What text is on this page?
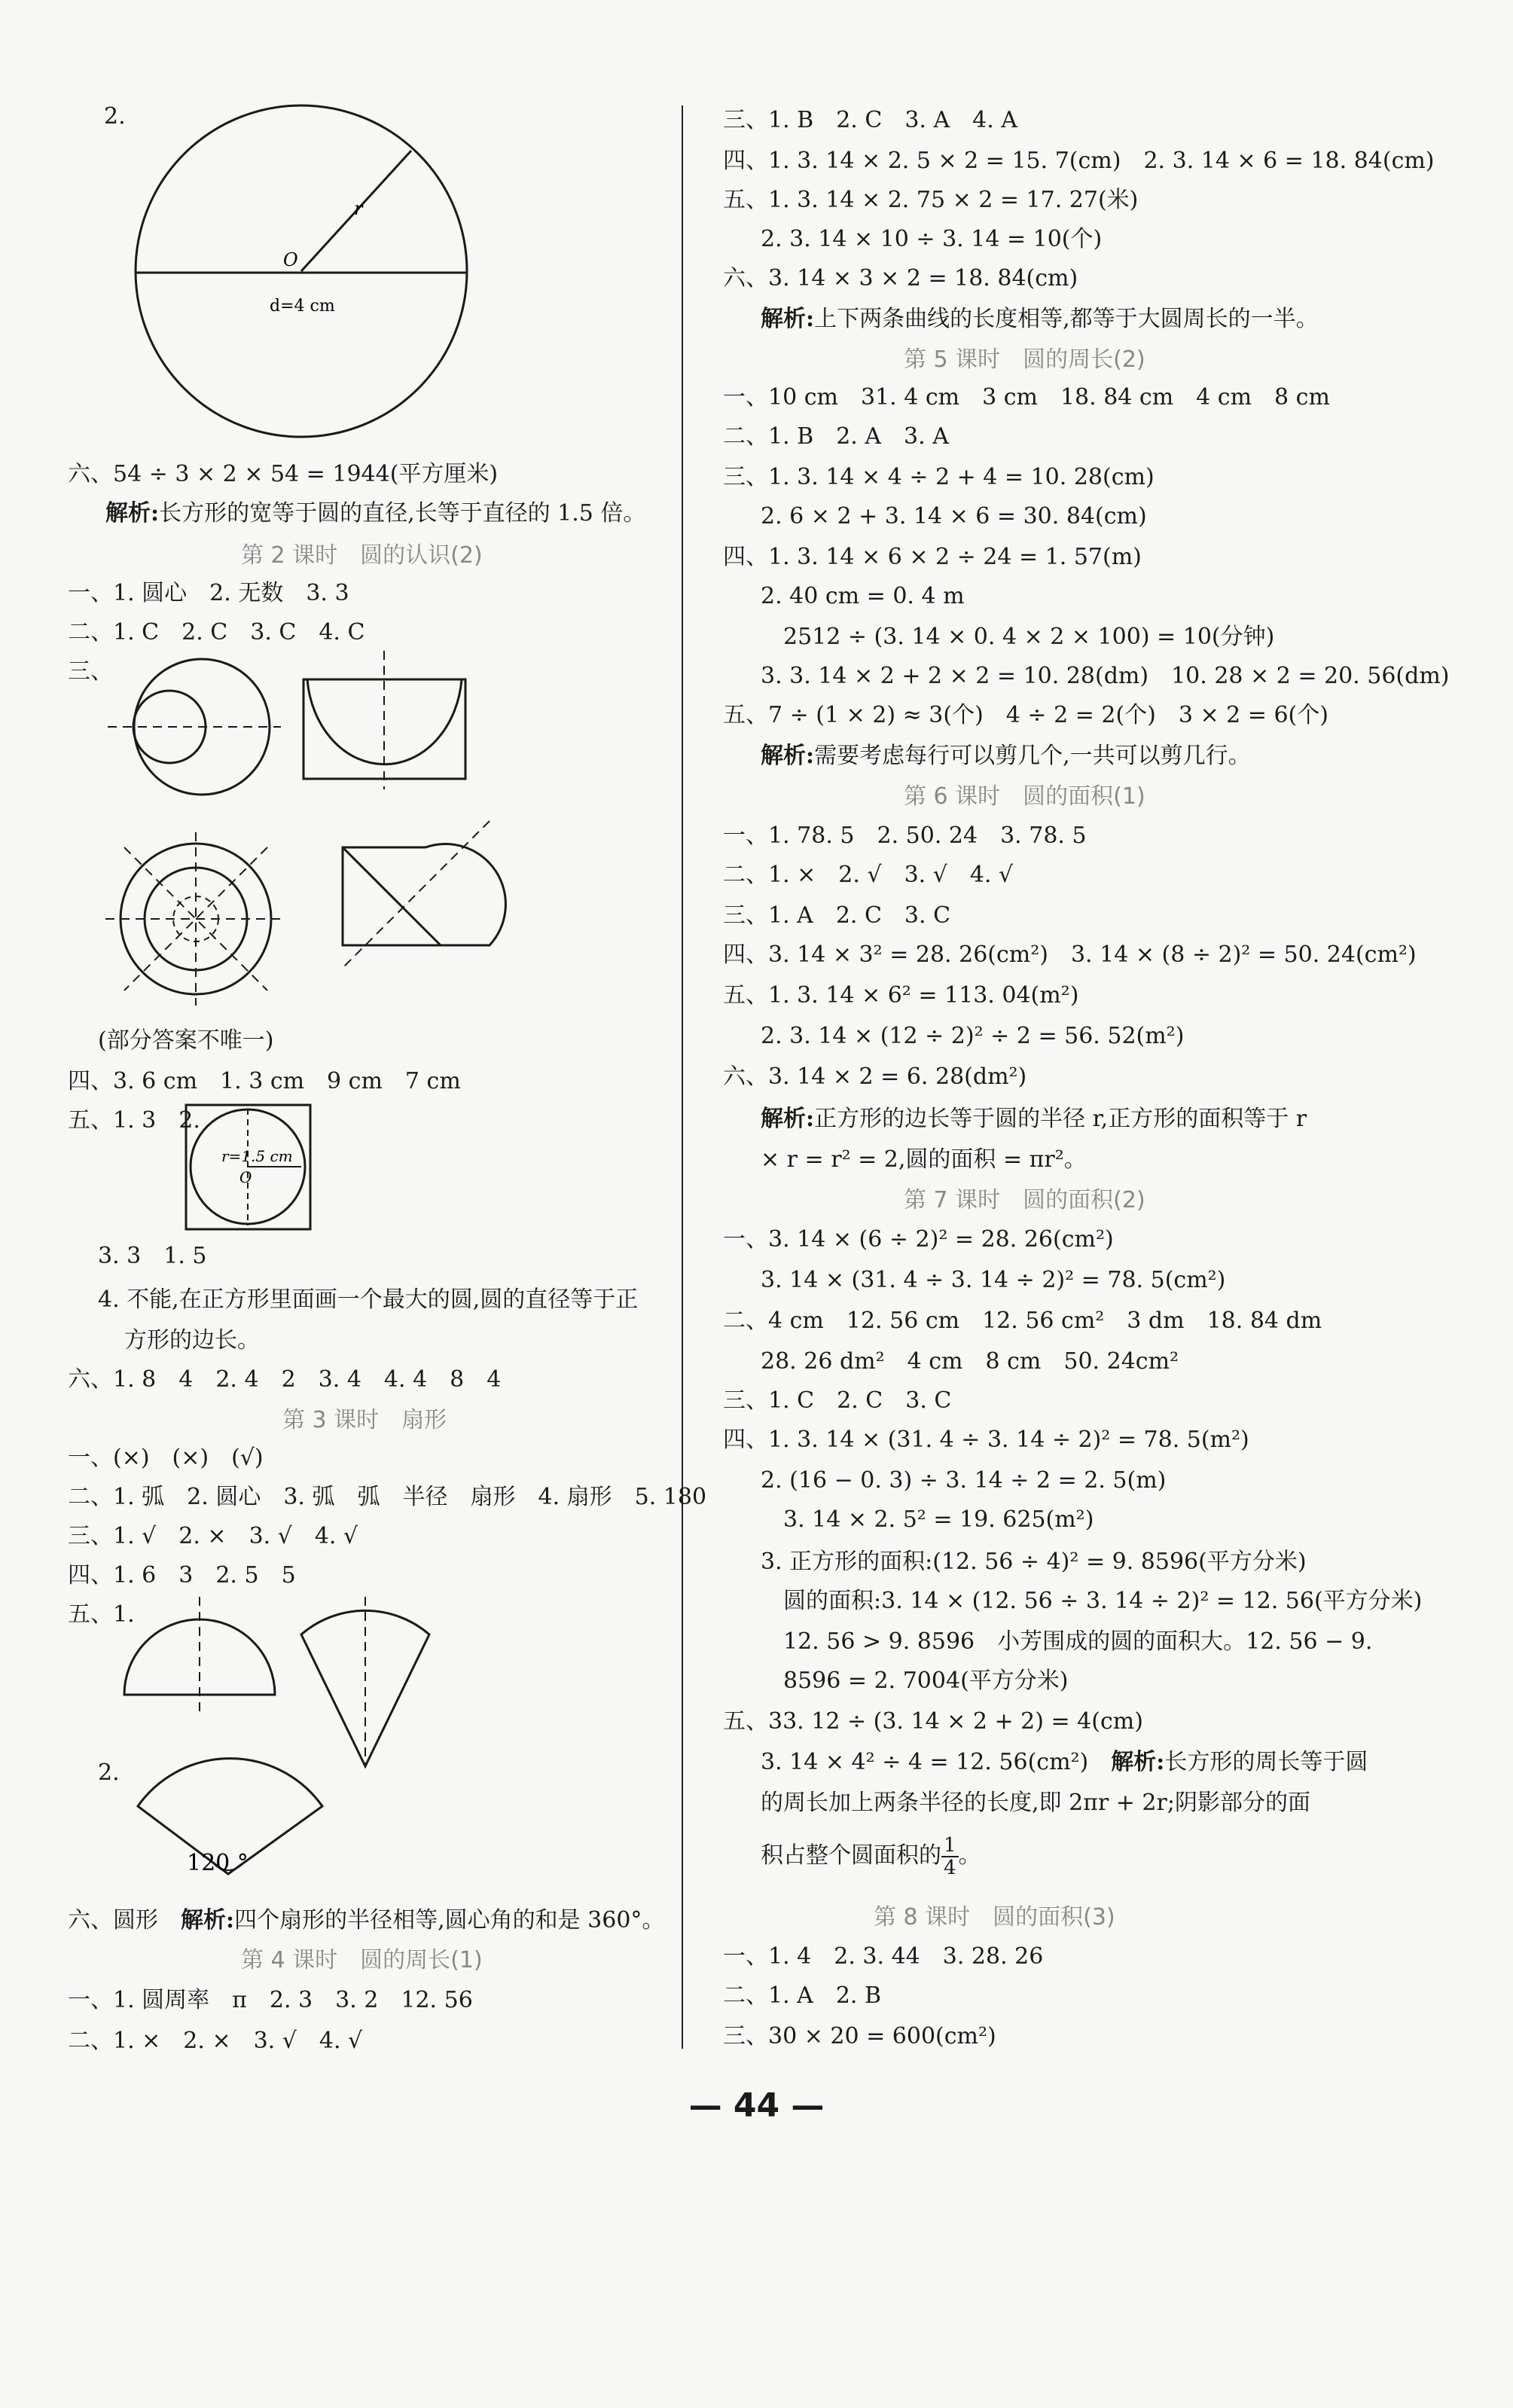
2.
r
O
d=4 cm
六、54 ÷ 3 × 2 × 54 = 1944(平方厘米)
解析:长方形的宽等于圆的直径,长等于直径的 1.5 倍。
第 2 课时　圆的认识(2)
一、1. 圆心　2. 无数　3. 3
二、1. C　2. C　3. C　4. C
三、
(部分答案不唯一)
四、3. 6 cm　1. 3 cm　9 cm　7 cm
五、1. 3　2.
r=1.5 cm
O
3. 3　1. 5
4. 不能,在正方形里面画一个最大的圆,圆的直径等于正
方形的边长。
六、1. 8　4　2. 4　2　3. 4　4. 4　8　4
第 3 课时　扇形
一、(×)　(×)　(√)
二、1. 弧　2. 圆心　3. 弧　弧　半径　扇形　4. 扇形　5. 180
三、1. √　2. ×　3. √　4. √
四、1. 6　3　2. 5　5
五、1.
2.
120 °
六、圆形　解析:四个扇形的半径相等,圆心角的和是 360°。
第 4 课时　圆的周长(1)
一、1. 圆周率　π　2. 3　3. 2　12. 56
二、1. ×　2. ×　3. √　4. √
三、1. B　2. C　3. A　4. A
四、1. 3. 14 × 2. 5 × 2 = 15. 7(cm)　2. 3. 14 × 6 = 18. 84(cm)
五、1. 3. 14 × 2. 75 × 2 = 17. 27(米)
2. 3. 14 × 10 ÷ 3. 14 = 10(个)
六、3. 14 × 3 × 2 = 18. 84(cm)
解析:上下两条曲线的长度相等,都等于大圆周长的一半。
第 5 课时　圆的周长(2)
一、10 cm　31. 4 cm　3 cm　18. 84 cm　4 cm　8 cm
二、1. B　2. A　3. A
三、1. 3. 14 × 4 ÷ 2 + 4 = 10. 28(cm)
2. 6 × 2 + 3. 14 × 6 = 30. 84(cm)
四、1. 3. 14 × 6 × 2 ÷ 24 = 1. 57(m)
2. 40 cm = 0. 4 m
2512 ÷ (3. 14 × 0. 4 × 2 × 100) = 10(分钟)
3. 3. 14 × 2 + 2 × 2 = 10. 28(dm)　10. 28 × 2 = 20. 56(dm)
五、7 ÷ (1 × 2) ≈ 3(个)　4 ÷ 2 = 2(个)　3 × 2 = 6(个)
解析:需要考虑每行可以剪几个,一共可以剪几行。
第 6 课时　圆的面积(1)
一、1. 78. 5　2. 50. 24　3. 78. 5
二、1. ×　2. √　3. √　4. √
三、1. A　2. C　3. C
四、3. 14 × 3² = 28. 26(cm²)　3. 14 × (8 ÷ 2)² = 50. 24(cm²)
五、1. 3. 14 × 6² = 113. 04(m²)
2. 3. 14 × (12 ÷ 2)² ÷ 2 = 56. 52(m²)
六、3. 14 × 2 = 6. 28(dm²)
解析:正方形的边长等于圆的半径 r,正方形的面积等于 r
× r = r² = 2,圆的面积 = πr²。
第 7 课时　圆的面积(2)
一、3. 14 × (6 ÷ 2)² = 28. 26(cm²)
3. 14 × (31. 4 ÷ 3. 14 ÷ 2)² = 78. 5(cm²)
二、4 cm　12. 56 cm　12. 56 cm²　3 dm　18. 84 dm
28. 26 dm²　4 cm　8 cm　50. 24cm²
三、1. C　2. C　3. C
四、1. 3. 14 × (31. 4 ÷ 3. 14 ÷ 2)² = 78. 5(m²)
2. (16 − 0. 3) ÷ 3. 14 ÷ 2 = 2. 5(m)
3. 14 × 2. 5² = 19. 625(m²)
3. 正方形的面积:(12. 56 ÷ 4)² = 9. 8596(平方分米)
圆的面积:3. 14 × (12. 56 ÷ 3. 14 ÷ 2)² = 12. 56(平方分米)
12. 56 > 9. 8596　小芳围成的圆的面积大。12. 56 − 9.
8596 = 2. 7004(平方分米)
五、33. 12 ÷ (3. 14 × 2 + 2) = 4(cm)
3. 14 × 4² ÷ 4 = 12. 56(cm²)　解析:长方形的周长等于圆
的周长加上两条半径的长度,即 2πr + 2r;阴影部分的面
积占整个圆面积的 $\frac{1}{4}$ 。
第 8 课时　圆的面积(3)
一、1. 4　2. 3. 44　3. 28. 26
二、1. A　2. B
三、30 × 20 = 600(cm²)
— 44 —
